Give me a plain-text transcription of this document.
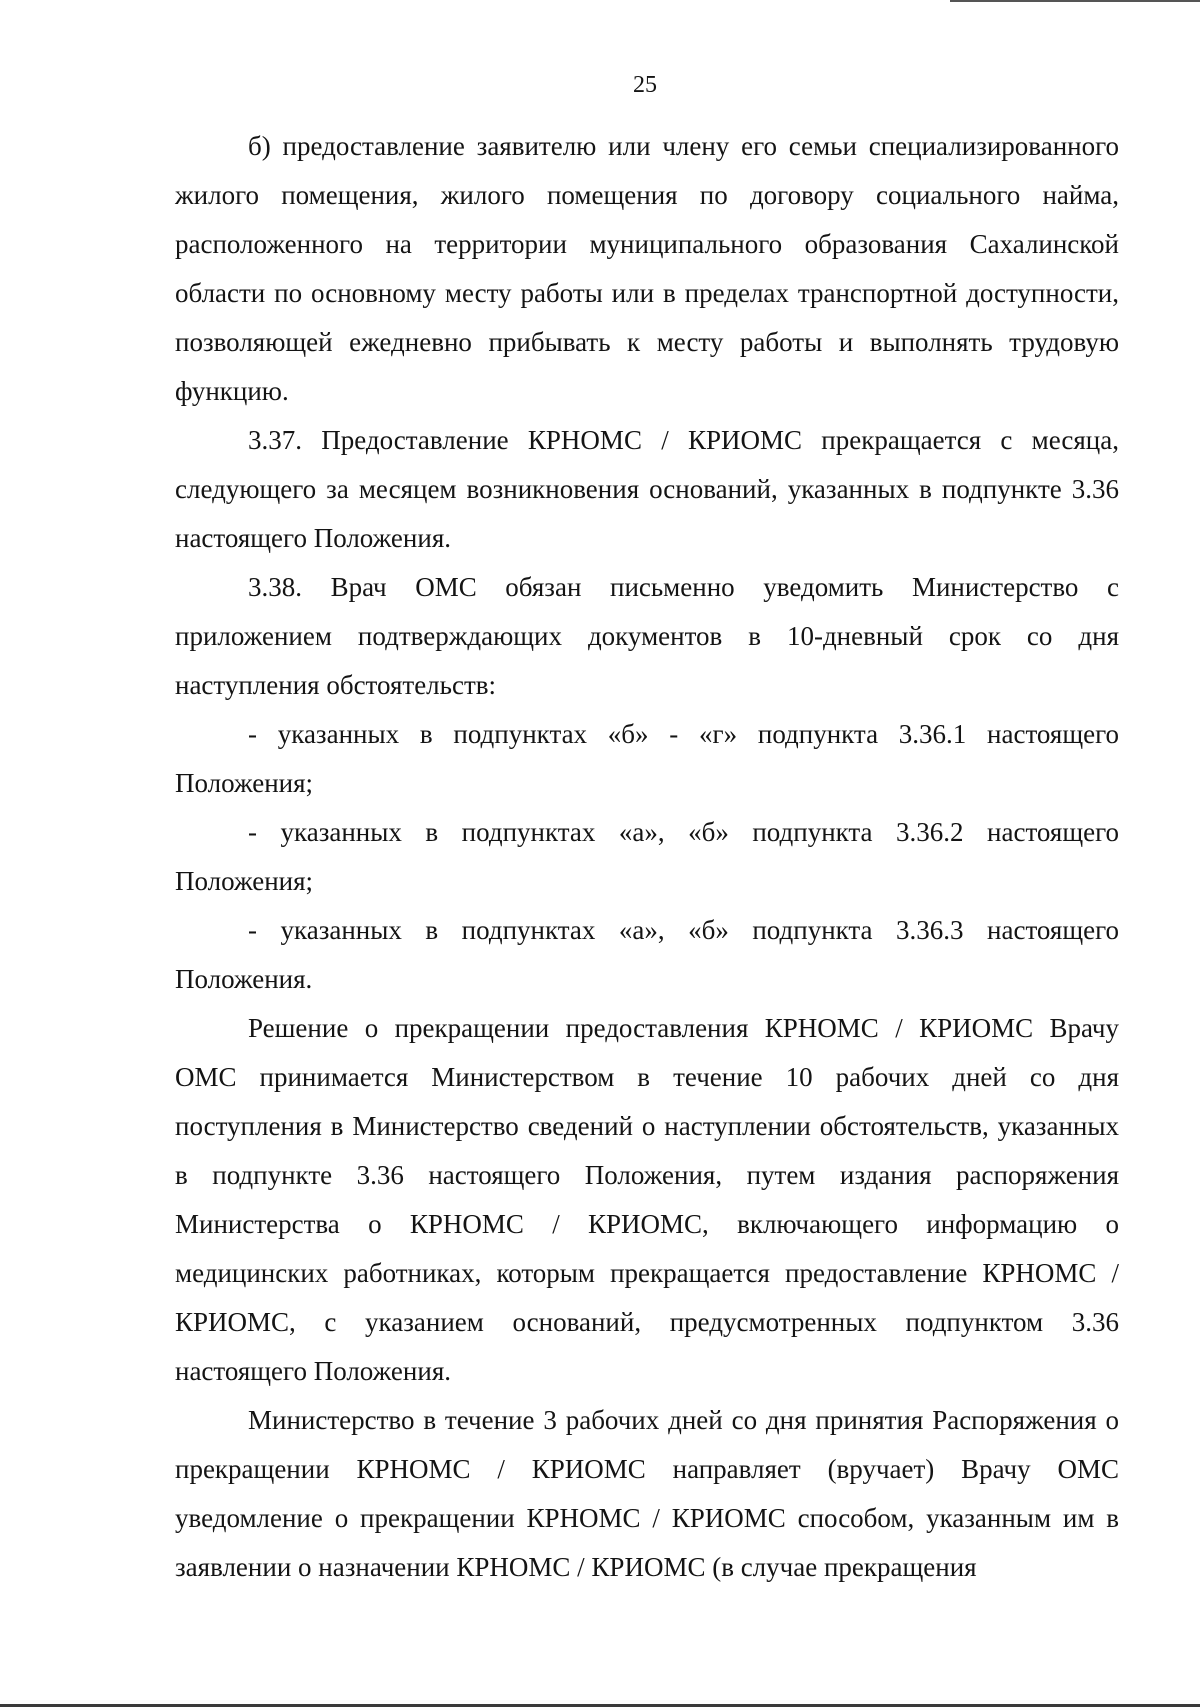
25

б) предоставление заявителю или члену его семьи специализированного жилого помещения, жилого помещения по договору социального найма, расположенного на территории муниципального образования Сахалинской области по основному месту работы или в пределах транспортной доступности, позволяющей ежедневно прибывать к месту работы и выполнять трудовую функцию.

3.37. Предоставление КРНОМС / КРИОМС прекращается с месяца, следующего за месяцем возникновения оснований, указанных в подпункте 3.36 настоящего Положения.

3.38. Врач ОМС обязан письменно уведомить Министерство с приложением подтверждающих документов в 10-дневный срок со дня наступления обстоятельств:

- указанных в подпунктах «б» - «г» подпункта 3.36.1 настоящего Положения;

- указанных в подпунктах «а», «б» подпункта 3.36.2 настоящего Положения;

- указанных в подпунктах «а», «б» подпункта 3.36.3 настоящего Положения.

Решение о прекращении предоставления КРНОМС / КРИОМС Врачу ОМС принимается Министерством в течение 10 рабочих дней со дня поступления в Министерство сведений о наступлении обстоятельств, указанных в подпункте 3.36 настоящего Положения, путем издания распоряжения Министерства о КРНОМС / КРИОМС, включающего информацию о медицинских работниках, которым прекращается предоставление КРНОМС / КРИОМС, с указанием оснований, предусмотренных подпунктом 3.36 настоящего Положения.

Министерство в течение 3 рабочих дней со дня принятия Распоряжения о прекращении КРНОМС / КРИОМС направляет (вручает) Врачу ОМС уведомление о прекращении КРНОМС / КРИОМС способом, указанным им в заявлении о назначении КРНОМС / КРИОМС (в случае прекращения
